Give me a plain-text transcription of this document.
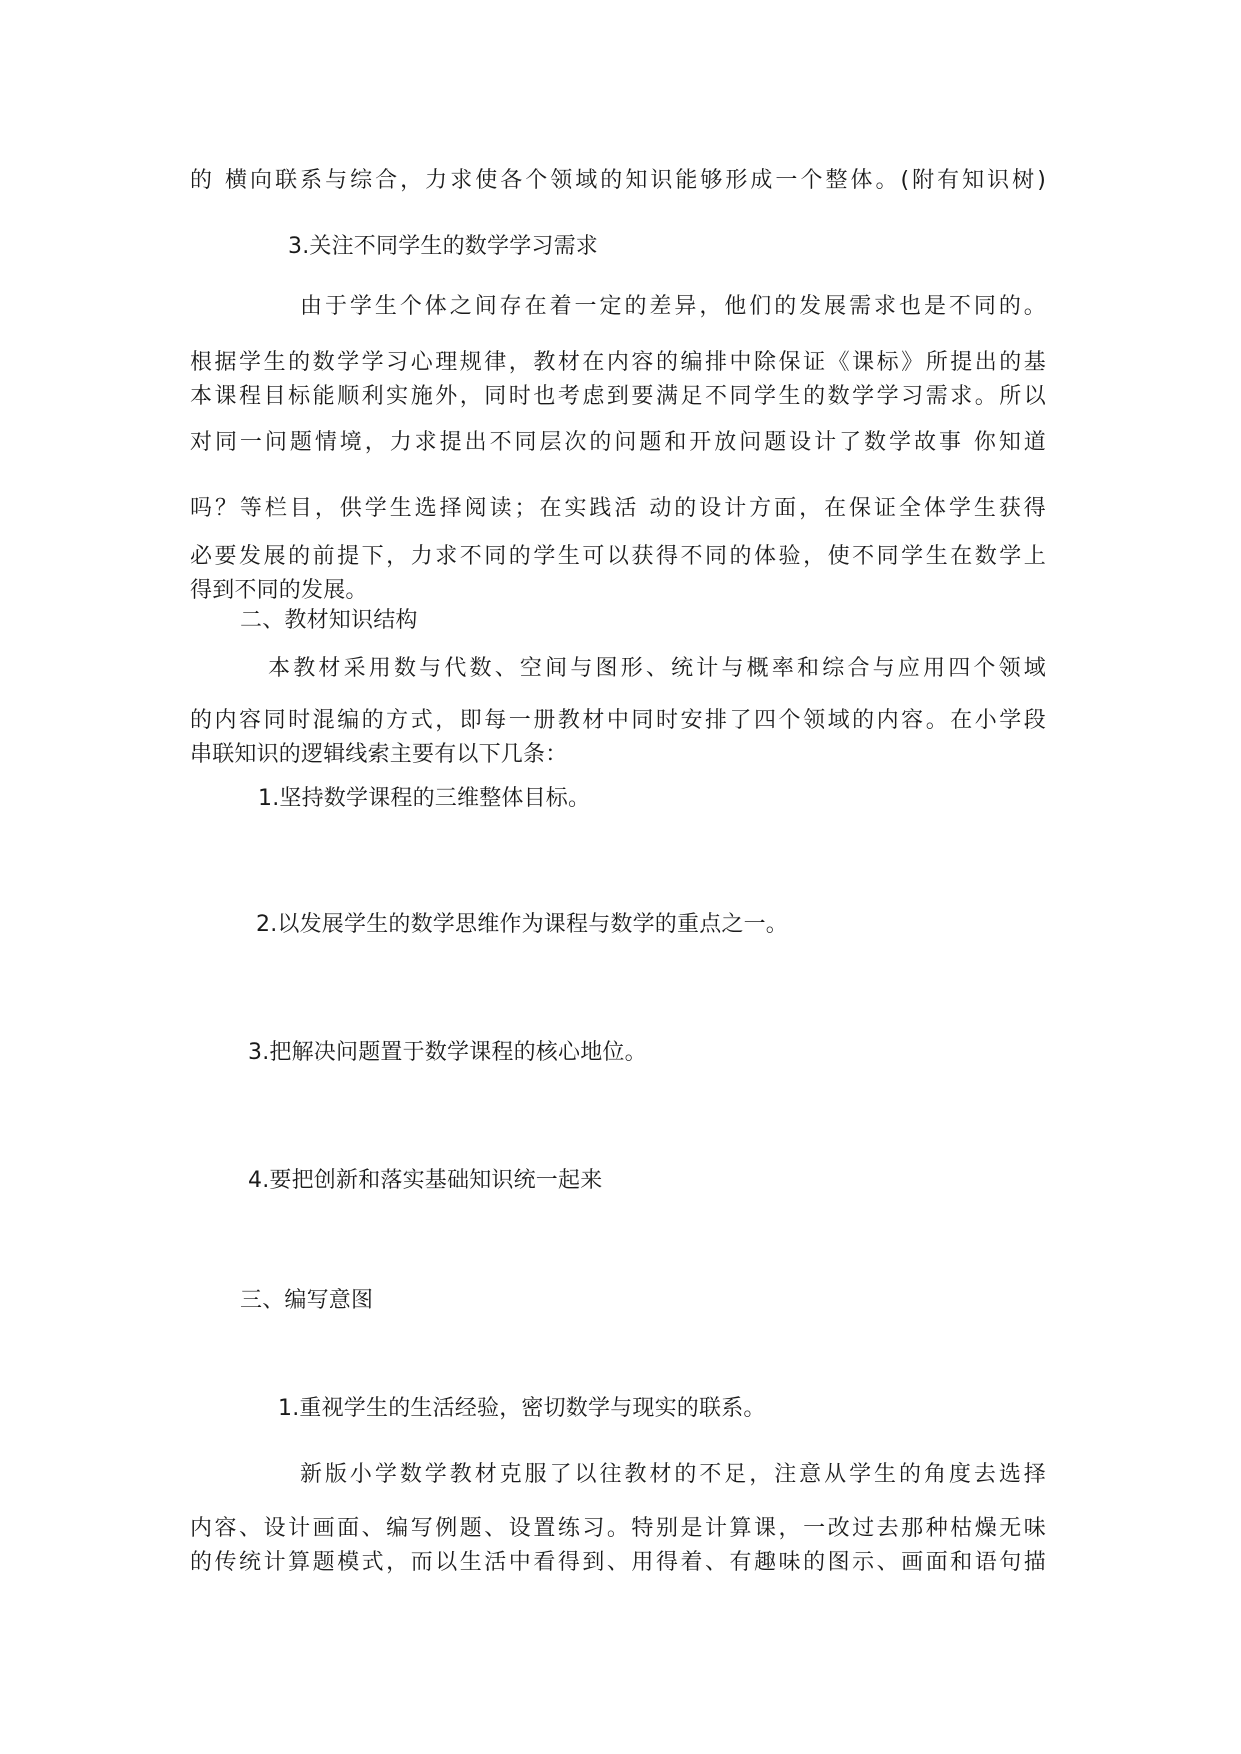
的 横向联系与综合，力求使各个领域的知识能够形成一个整体。(附有知识树)
3.关注不同学生的数学学习需求
由于学生个体之间存在着一定的差异，他们的发展需求也是不同的。
根据学生的数学学习心理规律，教材在内容的编排中除保证《课标》所提出的基
本课程目标能顺利实施外，同时也考虑到要满足不同学生的数学学习需求。所以
对同一问题情境，力求提出不同层次的问题和开放问题设计了数学故事 你知道
吗？等栏目，供学生选择阅读；在实践活 动的设计方面，在保证全体学生获得
必要发展的前提下，力求不同的学生可以获得不同的体验，使不同学生在数学上
得到不同的发展。
二、教材知识结构
本教材采用数与代数、空间与图形、统计与概率和综合与应用四个领域
的内容同时混编的方式，即每一册教材中同时安排了四个领域的内容。在小学段
串联知识的逻辑线索主要有以下几条：
1.坚持数学课程的三维整体目标。
2.以发展学生的数学思维作为课程与数学的重点之一。
3.把解决问题置于数学课程的核心地位。
4.要把创新和落实基础知识统一起来
三、编写意图
1.重视学生的生活经验，密切数学与现实的联系。
新版小学数学教材克服了以往教材的不足，注意从学生的角度去选择
内容、设计画面、编写例题、设置练习。特别是计算课，一改过去那种枯燥无味
的传统计算题模式，而以生活中看得到、用得着、有趣味的图示、画面和语句描
